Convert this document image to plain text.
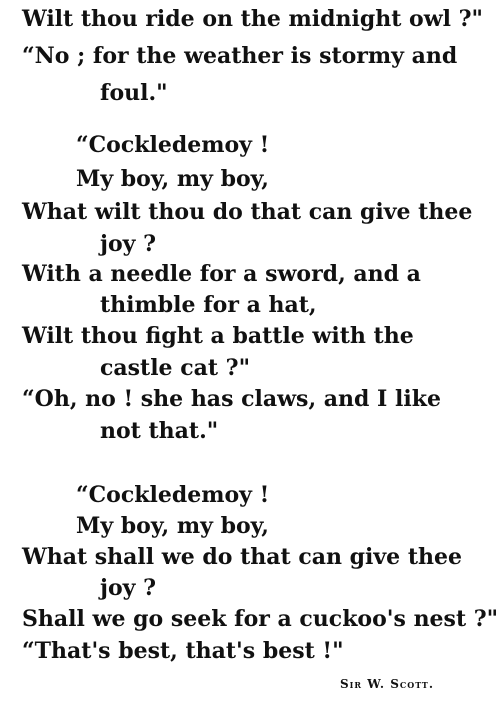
Wilt thou ride on the midnight owl ?"
“No ; for the weather is stormy and
foul."
“Cockledemoy !
My boy, my boy,
What wilt thou do that can give thee
joy ?
With a needle for a sword, and a
thimble for a hat,
Wilt thou fight a battle with the
castle cat ?"
“Oh, no ! she has claws, and I like
not that."
“Cockledemoy !
My boy, my boy,
What shall we do that can give thee
joy ?
Shall we go seek for a cuckoo's nest ?"
“That's best, that's best !"
Sir W. Scott.
